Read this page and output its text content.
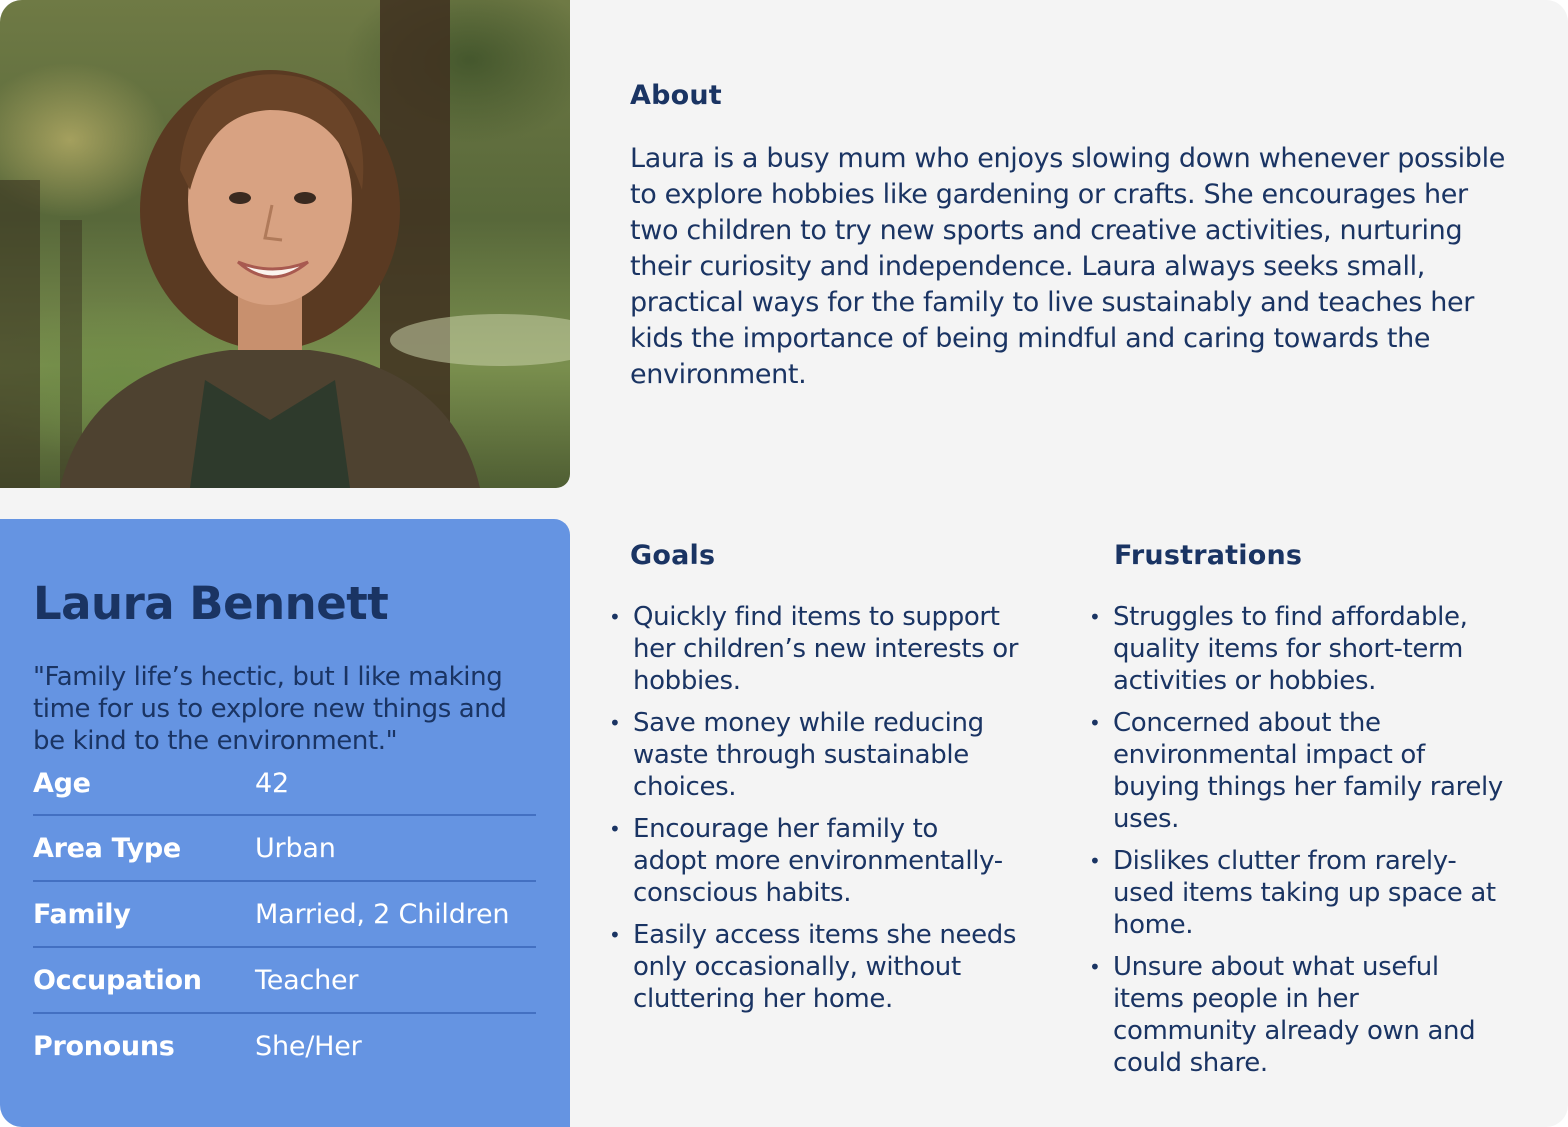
Laura Bennett

"Family life’s hectic, but I like making time for us to explore new things and be kind to the environment."

Age	42
Area Type	Urban
Family	Married, 2 Children
Occupation	Teacher
Pronouns	She/Her
About

Laura is a busy mum who enjoys slowing down whenever possible to explore hobbies like gardening or crafts. She encourages her two children to try new sports and creative activities, nurturing their curiosity and independence. Laura always seeks small, practical ways for the family to live sustainably and teaches her kids the importance of being mindful and caring towards the environment.

Goals
• Quickly find items to support her children’s new interests or hobbies.
• Save money while reducing waste through sustainable choices.
• Encourage her family to adopt more environmentally-conscious habits.
• Easily access items she needs only occasionally, without cluttering her home.
Frustrations
• Struggles to find affordable, quality items for short-term activities or hobbies.
• Concerned about the environmental impact of buying things her family rarely uses.
• Dislikes clutter from rarely-used items taking up space at home.
• Unsure about what useful items people in her community already own and could share.
